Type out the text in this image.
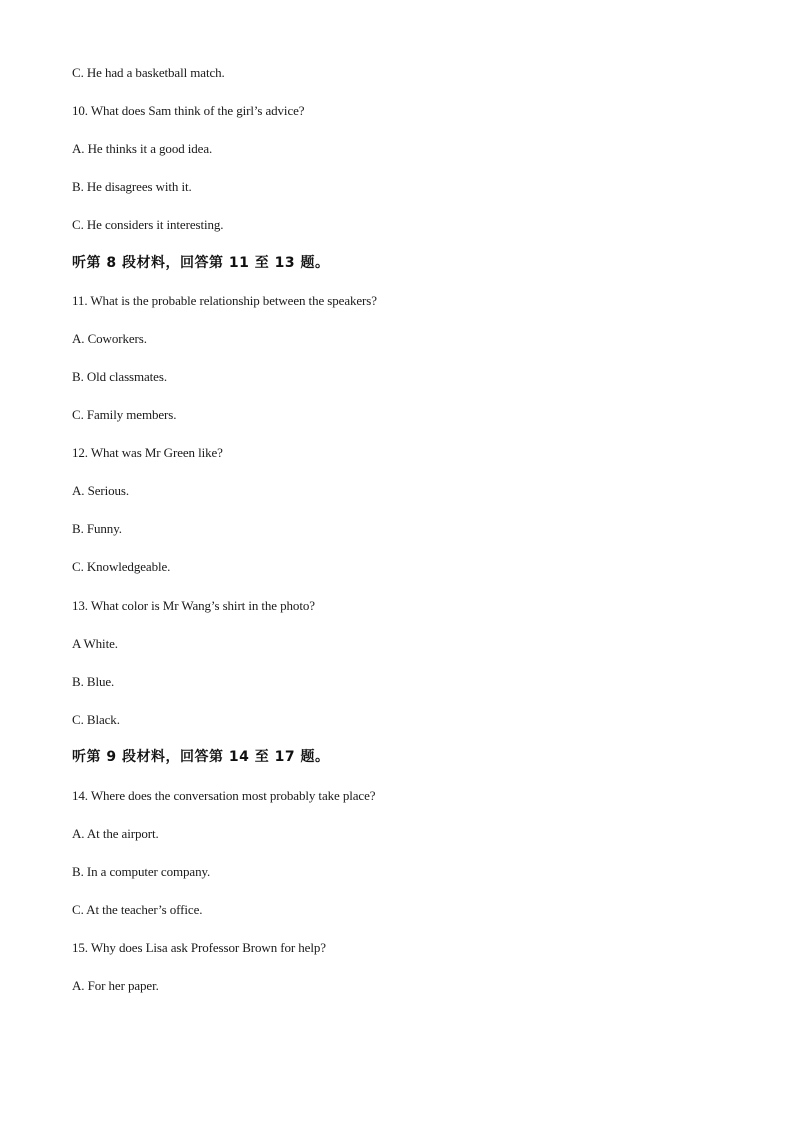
C. He had a basketball match.
10. What does Sam think of the girl’s advice?
A. He thinks it a good idea.
B. He disagrees with it.
C. He considers it interesting.
听第 8 段材料，回答第 11 至 13 题。
11. What is the probable relationship between the speakers?
A. Coworkers.
B. Old classmates.
C. Family members.
12. What was Mr Green like?
A. Serious.
B. Funny.
C. Knowledgeable.
13. What color is Mr Wang’s shirt in the photo?
A White.
B. Blue.
C. Black.
听第 9 段材料，回答第 14 至 17 题。
14. Where does the conversation most probably take place?
A. At the airport.
B. In a computer company.
C. At the teacher’s office.
15. Why does Lisa ask Professor Brown for help?
A. For her paper.
